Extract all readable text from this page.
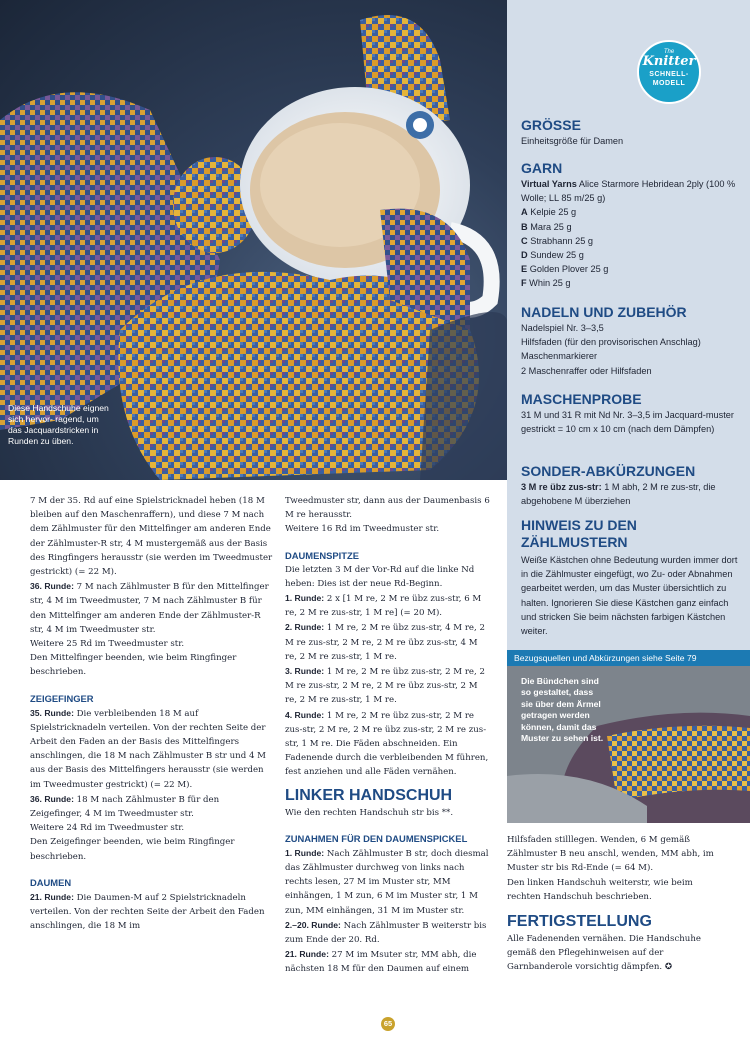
Diese Handschuhe eignen sich hervor- ragend, um das Jacquardstricken in Runden zu üben.
The
Knitter
SCHNELL-
MODELL
GRÖSSE

Einheitsgröße für Damen

GARN

Virtual Yarns Alice Starmore Hebridean 2ply (100 % Wolle; LL 85 m/25 g)

A Kelpie 25 g

B Mara 25 g

C Strabhann 25 g

D Sundew 25 g

E Golden Plover 25 g

F Whin 25 g

NADELN UND ZUBEHÖR

Nadelspiel Nr. 3–3,5

Hilfsfaden (für den provisorischen Anschlag)

Maschenmarkierer

2 Maschenraffer oder Hilfsfaden

MASCHENPROBE

31 M und 31 R mit Nd Nr. 3–3,5 im Jacquard-muster gestrickt = 10 cm x 10 cm (nach dem Dämpfen)

SONDER-ABKÜRZUNGEN

3 M re übz zus-str: 1 M abh, 2 M re zus-str, die abgehobene M überziehen

HINWEIS ZU DEN ZÄHLMUSTERN

Weiße Kästchen ohne Bedeutung wurden immer dort in die Zählmuster eingefügt, wo Zu- oder Abnahmen gearbeitet werden, um das Muster übersichtlich zu halten. Ignorieren Sie diese Kästchen ganz einfach und stricken Sie beim nächsten farbigen Kästchen weiter.

Bezugsquellen und Abkürzungen siehe Seite 79
Die Bündchen sind so gestaltet, dass sie über dem Ärmel getragen werden können, damit das Muster zu sehen ist.

7 M der 35. Rd auf eine Spielstricknadel heben (18 M bleiben auf den Maschenraffern), und diese 7 M nach dem Zählmuster für den Mittelfinger am anderen Ende der Zählmuster-R str, 4 M mustergemäß aus der Basis des Ringfingers herausstr (sie werden im Tweedmuster gestrickt) (= 22 M).

36. Runde: 7 M nach Zählmuster B für den Mittelfinger str, 4 M im Tweedmuster, 7 M nach Zählmuster B für den Mittelfinger am anderen Ende der Zählmuster-R str, 4 M im Tweedmuster str.

Weitere 25 Rd im Tweedmuster str.

Den Mittelfinger beenden, wie beim Ringfinger beschrieben.

ZEIGEFINGER

35. Runde: Die verbleibenden 18 M auf Spielstricknadeln verteilen. Von der rechten Seite der Arbeit den Faden an der Basis des Mittelfingers anschlingen, die 18 M nach Zählmuster B str und 4 M aus der Basis des Mittelfingers herausstr (sie werden im Tweedmuster gestrickt) (= 22 M).

36. Runde: 18 M nach Zählmuster B für den Zeigefinger, 4 M im Tweedmuster str.

Weitere 24 Rd im Tweedmuster str.

Den Zeigefinger beenden, wie beim Ringfinger beschrieben.

DAUMEN

21. Runde: Die Daumen-M auf 2 Spielstricknadeln verteilen. Von der rechten Seite der Arbeit den Faden anschlingen, die 18 M im

Tweedmuster str, dann aus der Daumenbasis 6 M re herausstr.

Weitere 16 Rd im Tweedmuster str.

DAUMENSPITZE

Die letzten 3 M der Vor-Rd auf die linke Nd heben: Dies ist der neue Rd-Beginn.

1. Runde: 2 x [1 M re, 2 M re übz zus-str, 6 M re, 2 M re zus-str, 1 M re] (= 20 M).

2. Runde: 1 M re, 2 M re übz zus-str, 4 M re, 2 M re zus-str, 2 M re, 2 M re übz zus-str, 4 M re, 2 M re zus-str, 1 M re.

3. Runde: 1 M re, 2 M re übz zus-str, 2 M re, 2 M re zus-str, 2 M re, 2 M re übz zus-str, 2 M re, 2 M re zus-str, 1 M re.

4. Runde: 1 M re, 2 M re übz zus-str, 2 M re zus-str, 2 M re, 2 M re übz zus-str, 2 M re zus-str, 1 M re. Die Fäden abschneiden. Ein Fadenende durch die verbleibenden M führen, fest anziehen und alle Fäden vernähen.

LINKER HANDSCHUH

Wie den rechten Handschuh str bis **.

ZUNAHMEN FÜR DEN DAUMENSPICKEL

1. Runde: Nach Zählmuster B str, doch diesmal das Zählmuster durchweg von links nach rechts lesen, 27 M im Muster str, MM einhängen, 1 M zun, 6 M im Muster str, 1 M zun, MM einhängen, 31 M im Muster str.

2.–20. Runde: Nach Zählmuster B weiterstr bis zum Ende der 20. Rd.

21. Runde: 27 M im Msuter str, MM abh, die nächsten 18 M für den Daumen auf einem

Hilfsfaden stilllegen. Wenden, 6 M gemäß Zählmuster B neu anschl, wenden, MM abh, im Muster str bis Rd-Ende (= 64 M).

Den linken Handschuh weiterstr, wie beim rechten Handschuh beschrieben.

FERTIGSTELLUNG

Alle Fadenenden vernähen. Die Handschuhe gemäß den Pflegehinweisen auf der Garnbanderole vorsichtig dämpfen. ✪

65
